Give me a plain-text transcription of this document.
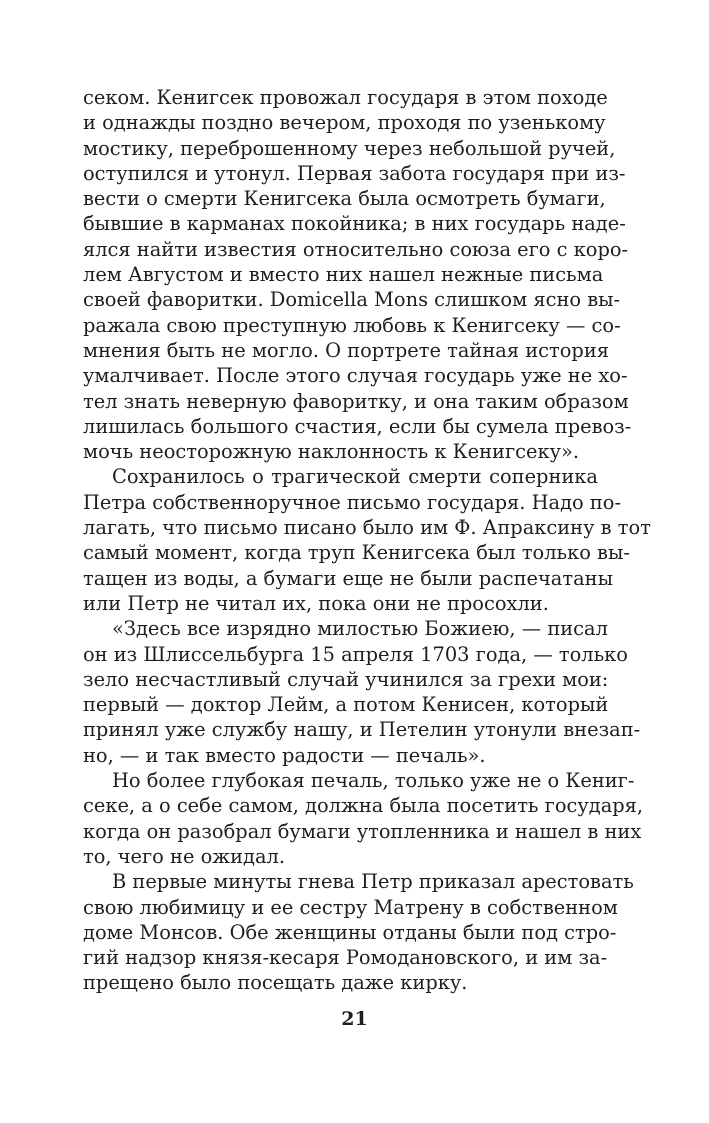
секом. Кенигсек провожал государя в этом походе
и однажды поздно вечером, проходя по узенькому
мостику, переброшенному через небольшой ручей,
оступился и утонул. Первая забота государя при из-
вести о смерти Кенигсека была осмотреть бумаги,
бывшие в карманах покойника; в них государь наде-
ялся найти известия относительно союза его с коро-
лем Августом и вместо них нашел нежные письма
своей фаворитки. Domicella Mons слишком ясно вы-
ражала свою преступную любовь к Кенигсеку — со-
мнения быть не могло. О портрете тайная история
умалчивает. После этого случая государь уже не хо-
тел знать неверную фаворитку, и она таким образом
лишилась большого счастия, если бы сумела превоз-
мочь неосторожную наклонность к Кенигсеку».
Сохранилось о трагической смерти соперника
Петра собственноручное письмо государя. Надо по-
лагать, что письмо писано было им Ф. Апраксину в тот
самый момент, когда труп Кенигсека был только вы-
тащен из воды, а бумаги еще не были распечатаны
или Петр не читал их, пока они не просохли.
«Здесь все изрядно милостью Божиею, — писал
он из Шлиссельбурга 15 апреля 1703 года, — только
зело несчастливый случай учинился за грехи мои:
первый — доктор Лейм, а потом Кенисен, который
принял уже службу нашу, и Петелин утонули внезап-
но, — и так вместо радости — печаль».
Но более глубокая печаль, только уже не о Кениг-
секе, а о себе самом, должна была посетить государя,
когда он разобрал бумаги утопленника и нашел в них
то, чего не ожидал.
В первые минуты гнева Петр приказал арестовать
свою любимицу и ее сестру Матрену в собственном
доме Монсов. Обе женщины отданы были под стро-
гий надзор князя-кесаря Ромодановского, и им за-
прещено было посещать даже кирку.
21
